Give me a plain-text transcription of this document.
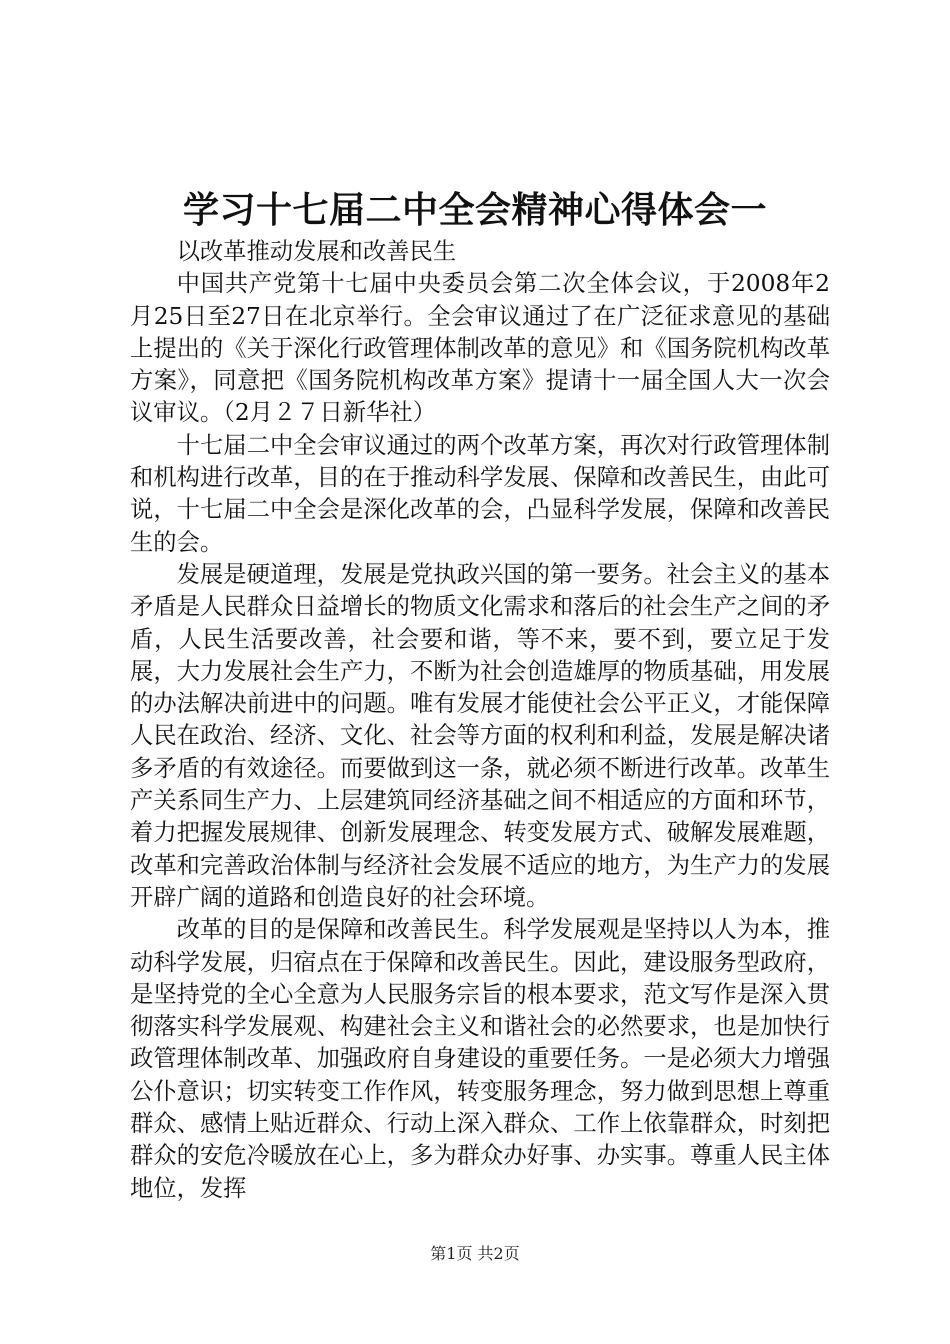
学习十七届二中全会精神心得体会一

以改革推动发展和改善民生

中国共产党第十七届中央委员会第二次全体会议，于2008年2月25日至27日在北京举行。全会审议通过了在广泛征求意见的基础上提出的《关于深化行政管理体制改革的意见》和《国务院机构改革方案》，同意把《国务院机构改革方案》提请十一届全国人大一次会议审议。（2月２７日新华社）

十七届二中全会审议通过的两个改革方案，再次对行政管理体制和机构进行改革，目的在于推动科学发展、保障和改善民生，由此可说，十七届二中全会是深化改革的会，凸显科学发展，保障和改善民生的会。

发展是硬道理，发展是党执政兴国的第一要务。社会主义的基本矛盾是人民群众日益增长的物质文化需求和落后的社会生产之间的矛盾，人民生活要改善，社会要和谐，等不来，要不到，要立足于发展，大力发展社会生产力，不断为社会创造雄厚的物质基础，用发展的办法解决前进中的问题。唯有发展才能使社会公平正义，才能保障人民在政治、经济、文化、社会等方面的权利和利益，发展是解决诸多矛盾的有效途径。而要做到这一条，就必须不断进行改革。改革生产关系同生产力、上层建筑同经济基础之间不相适应的方面和环节，着力把握发展规律、创新发展理念、转变发展方式、破解发展难题，改革和完善政治体制与经济社会发展不适应的地方，为生产力的发展开辟广阔的道路和创造良好的社会环境。

改革的目的是保障和改善民生。科学发展观是坚持以人为本，推动科学发展，归宿点在于保障和改善民生。因此，建设服务型政府，是坚持党的全心全意为人民服务宗旨的根本要求，范文写作是深入贯彻落实科学发展观、构建社会主义和谐社会的必然要求，也是加快行政管理体制改革、加强政府自身建设的重要任务。一是必须大力增强公仆意识；切实转变工作作风，转变服务理念，努力做到思想上尊重群众、感情上贴近群众、行动上深入群众、工作上依靠群众，时刻把群众的安危冷暖放在心上，多为群众办好事、办实事。尊重人民主体地位，发挥

第1页 共2页
